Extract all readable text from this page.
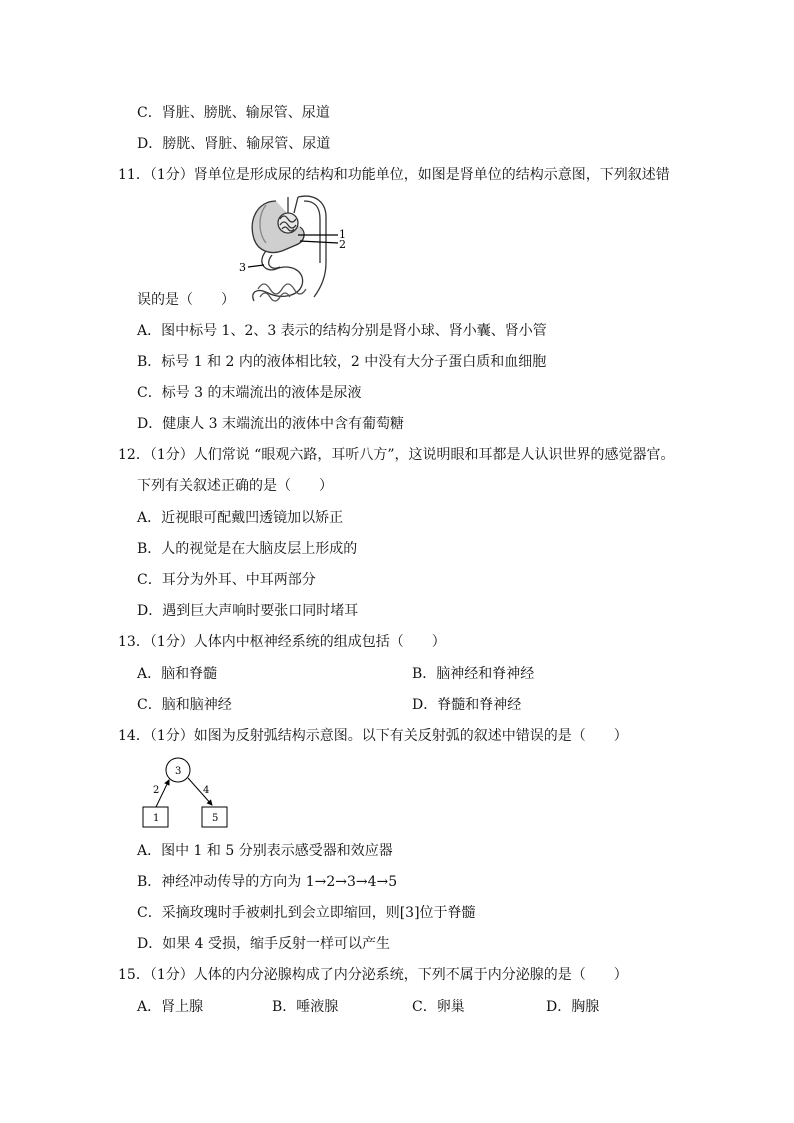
C．肾脏、膀胱、输尿管、尿道
D．膀胱、肾脏、输尿管、尿道
11．（1分）肾单位是形成尿的结构和功能单位，如图是肾单位的结构示意图，下列叙述错
1
2
3
误的是（　　）
A．图中标号 1、2、3 表示的结构分别是肾小球、肾小囊、肾小管
B．标号 1 和 2 内的液体相比较，2 中没有大分子蛋白质和血细胞
C．标号 3 的末端流出的液体是尿液
D．健康人 3 末端流出的液体中含有葡萄糖
12．（1分）人们常说 “眼观六路，耳听八方”，这说明眼和耳都是人认识世界的感觉器官。
下列有关叙述正确的是（　　）
A．近视眼可配戴凹透镜加以矫正
B．人的视觉是在大脑皮层上形成的
C．耳分为外耳、中耳两部分
D．遇到巨大声响时要张口同时堵耳
13．（1分）人体内中枢神经系统的组成包括（　　）
A．脑和脊髓	B．脑神经和脊神经
C．脑和脑神经	D．脊髓和脊神经
14．（1分）如图为反射弧结构示意图。以下有关反射弧的叙述中错误的是（　　）
3
1	5
2	4
A．图中 1 和 5 分别表示感受器和效应器
B．神经冲动传导的方向为 1→2→3→4→5
C．采摘玫瑰时手被刺扎到会立即缩回，则[3]位于脊髓
D．如果 4 受损，缩手反射一样可以产生
15．（1分）人体的内分泌腺构成了内分泌系统，下列不属于内分泌腺的是（　　）
A．肾上腺	B．唾液腺	C．卵巢	D．胸腺
